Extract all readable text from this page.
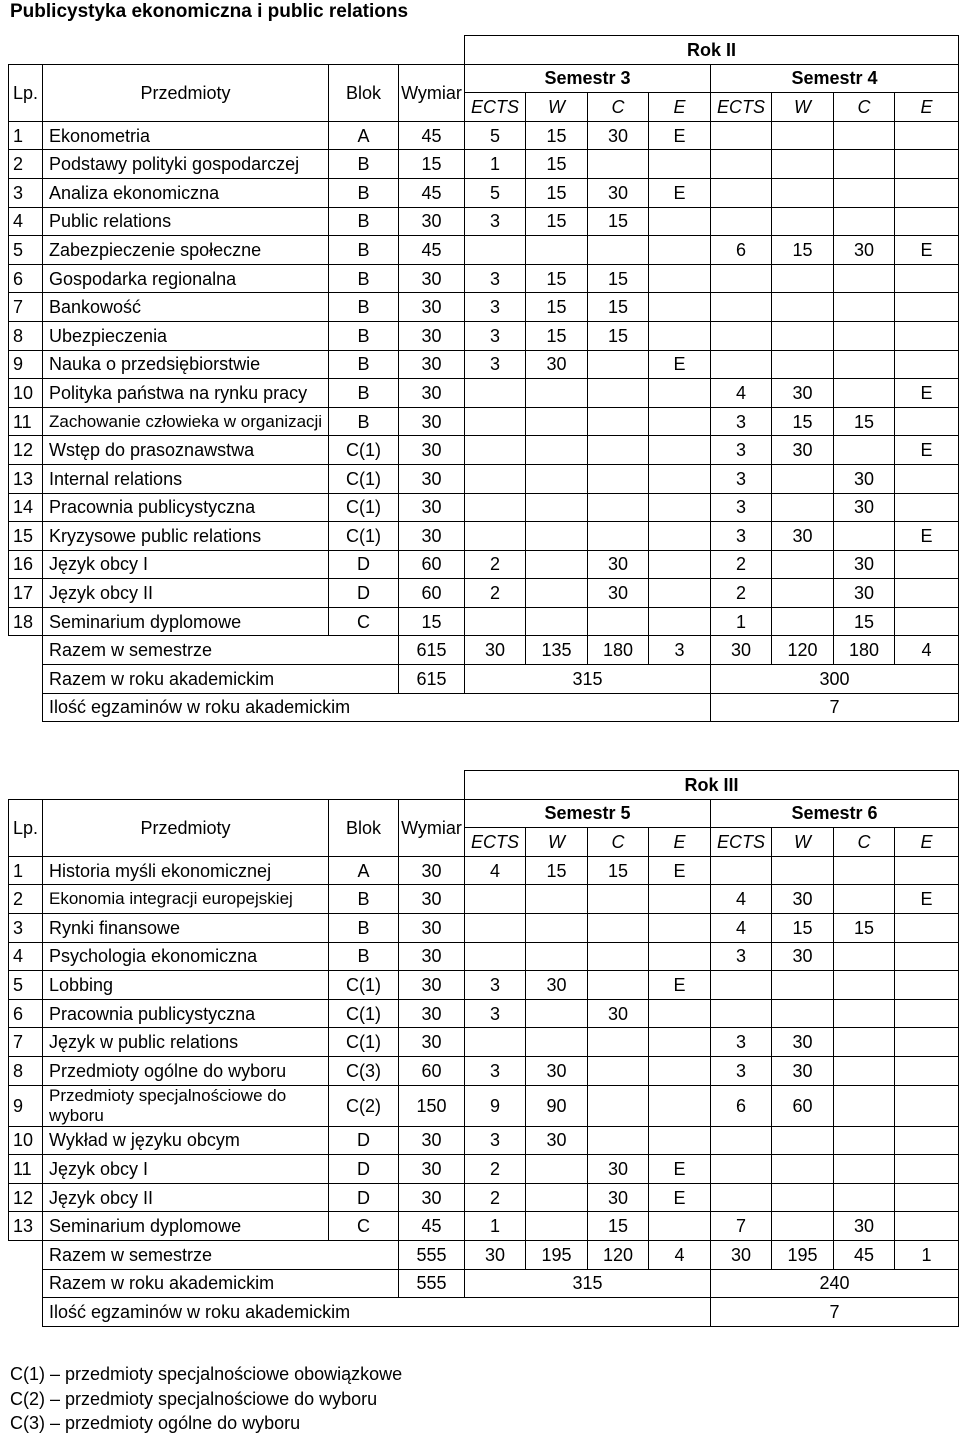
Publicystyka ekonomiczna i public relations
				Rok II							
Lp.	Przedmioty	Blok	Wymiar	Semestr 3				Semestr 4			
				ECTS	W	C	E	ECTS	W	C	E
1	Ekonometria	A	45	5	15	30	E				
2	Podstawy polityki gospodarczej	B	15	1	15						
3	Analiza ekonomiczna	B	45	5	15	30	E				
4	Public relations	B	30	3	15	15					
5	Zabezpieczenie społeczne	B	45					6	15	30	E
6	Gospodarka regionalna	B	30	3	15	15					
7	Bankowość	B	30	3	15	15					
8	Ubezpieczenia	B	30	3	15	15					
9	Nauka o przedsiębiorstwie	B	30	3	30		E				
10	Polityka państwa na rynku pracy	B	30					4	30		E
11	Zachowanie człowieka w organizacji	B	30					3	15	15	
12	Wstęp do prasoznawstwa	C(1)	30					3	30		E
13	Internal relations	C(1)	30					3		30	
14	Pracownia publicystyczna	C(1)	30					3		30	
15	Kryzysowe public relations	C(1)	30					3	30		E
16	Język obcy I	D	60	2		30		2		30	
17	Język obcy II	D	60	2		30		2		30	
18	Seminarium dyplomowe	C	15					1		15	
	Razem w semestrze		615	30	135	180	3	30	120	180	4
	Razem w roku akademickim		615	315				300			
	Ilość egzaminów w roku akademickim							7			
				Rok III							
Lp.	Przedmioty	Blok	Wymiar	Semestr 5				Semestr 6			
				ECTS	W	C	E	ECTS	W	C	E
1	Historia myśli ekonomicznej	A	30	4	15	15	E				
2	Ekonomia integracji europejskiej	B	30					4	30		E
3	Rynki finansowe	B	30					4	15	15	
4	Psychologia ekonomiczna	B	30					3	30		
5	Lobbing	C(1)	30	3	30		E				
6	Pracownia publicystyczna	C(1)	30	3		30					
7	Język w public relations	C(1)	30					3	30		
8	Przedmioty ogólne do wyboru	C(3)	60	3	30			3	30		
9	Przedmioty specjalnościowe do wyboru	C(2)	150	9	90			6	60		
10	Wykład w języku obcym	D	30	3	30						
11	Język obcy I	D	30	2		30	E				
12	Język obcy II	D	30	2		30	E				
13	Seminarium dyplomowe	C	45	1		15		7		30	
	Razem w semestrze		555	30	195	120	4	30	195	45	1
	Razem w roku akademickim		555	315				240			
	Ilość egzaminów w roku akademickim							7			
C(1) – przedmioty specjalnościowe obowiązkowe
C(2) – przedmioty specjalnościowe do wyboru
C(3) – przedmioty ogólne do wyboru
